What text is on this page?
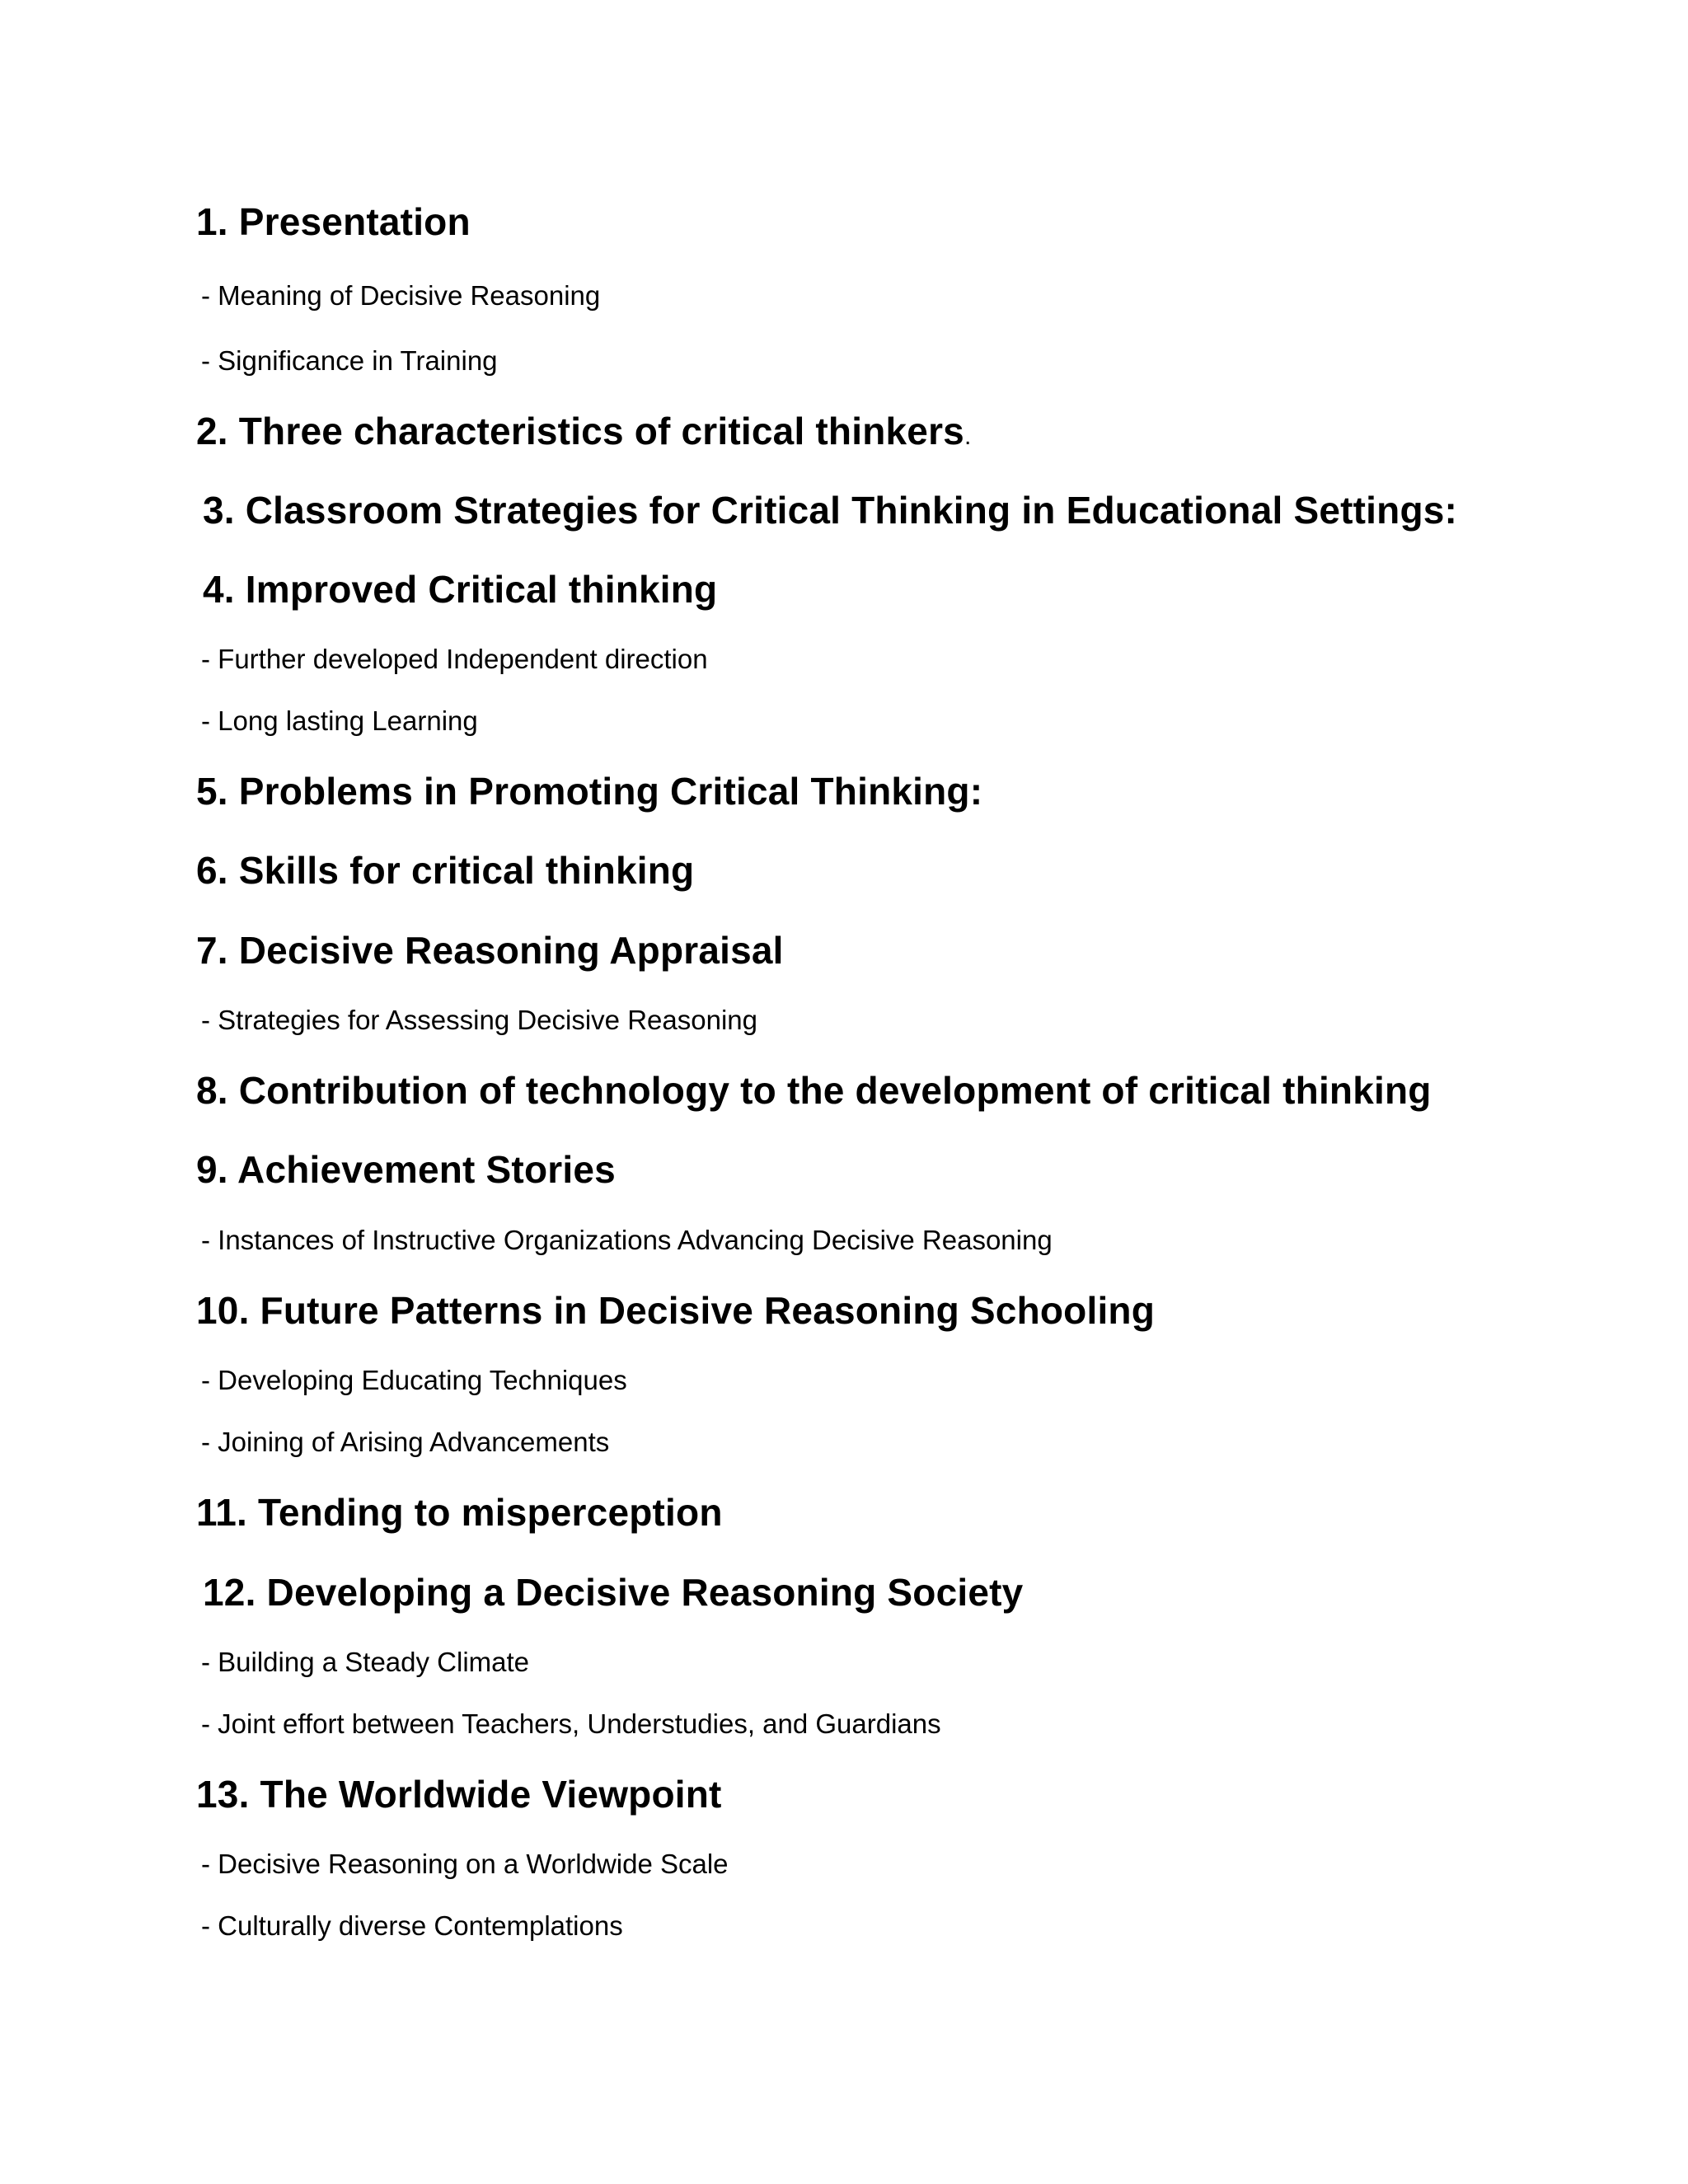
1. Presentation
- Meaning of Decisive Reasoning
- Significance in Training
2. Three characteristics of critical thinkers.
3. Classroom Strategies for Critical Thinking in Educational Settings:
4. Improved Critical thinking
- Further developed Independent direction
- Long lasting Learning
5. Problems in Promoting Critical Thinking:
6. Skills for critical thinking
7. Decisive Reasoning Appraisal
- Strategies for Assessing Decisive Reasoning
8. Contribution of technology to the development of critical thinking
9. Achievement Stories
- Instances of Instructive Organizations Advancing Decisive Reasoning
10. Future Patterns in Decisive Reasoning Schooling
- Developing Educating Techniques
- Joining of Arising Advancements
11. Tending to misperception
12. Developing a Decisive Reasoning Society
- Building a Steady Climate
- Joint effort between Teachers, Understudies, and Guardians
13. The Worldwide Viewpoint
- Decisive Reasoning on a Worldwide Scale
- Culturally diverse Contemplations
